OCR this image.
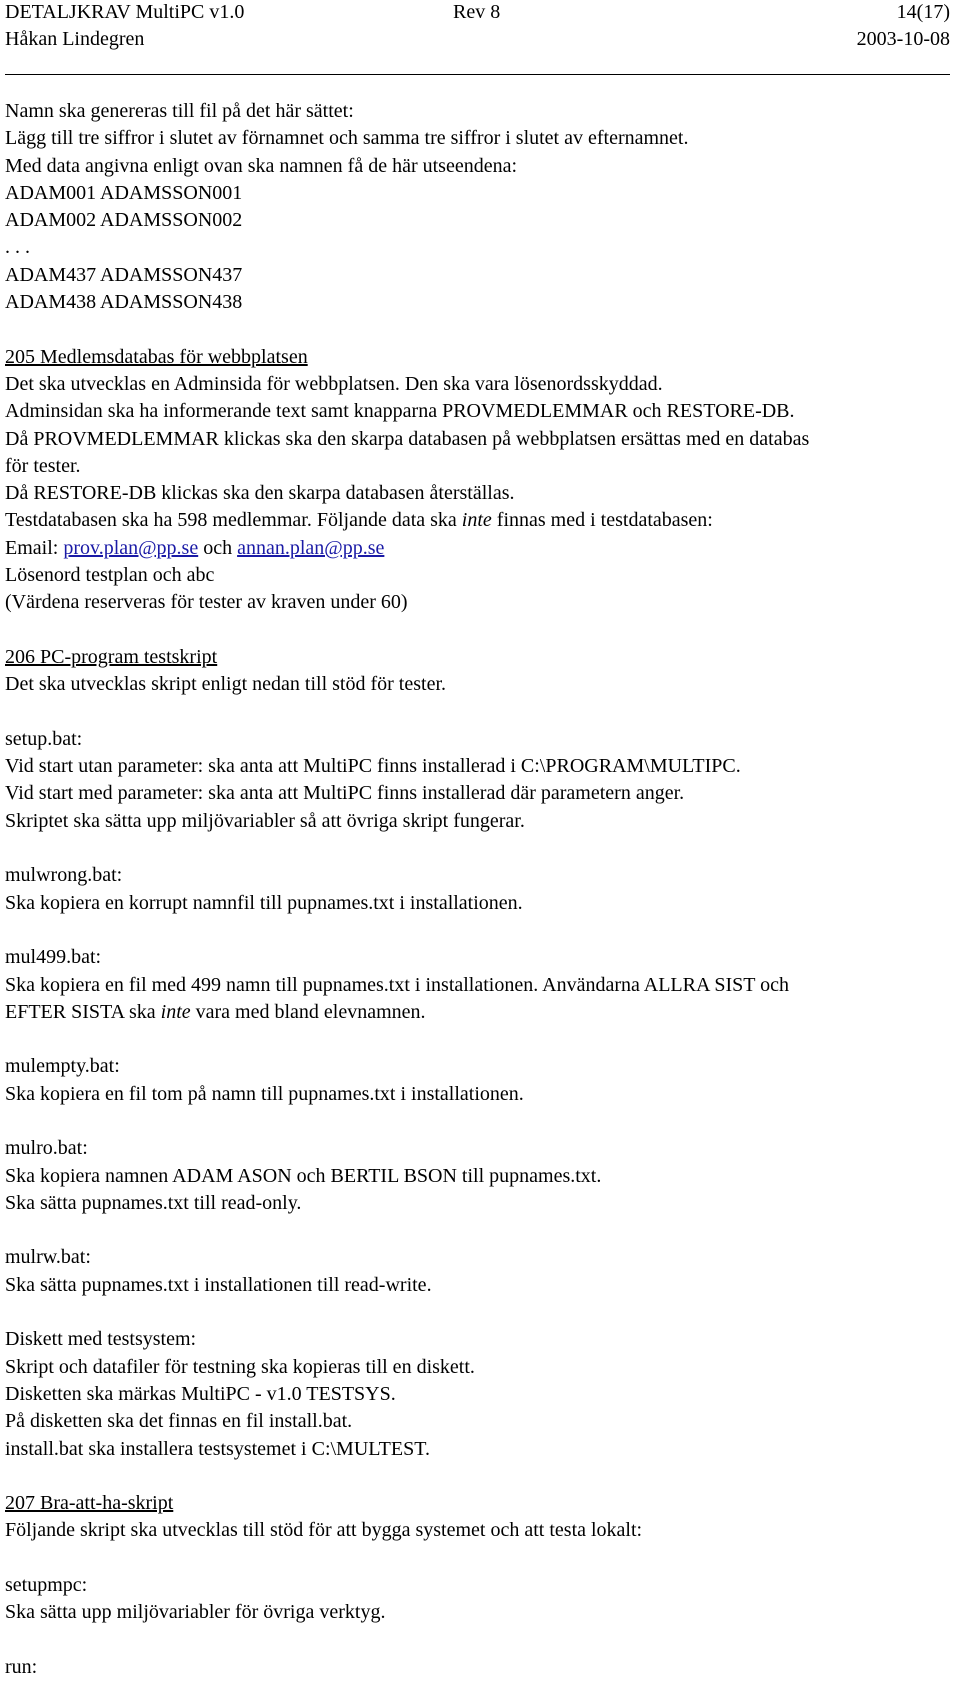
DETALJKRAV MultiPC v1.0	Rev 8	14(17)
Håkan Lindegren	2003-10-08
Namn ska genereras till fil på det här sättet:
Lägg till tre siffror i slutet av förnamnet och samma tre siffror i slutet av efternamnet.
Med data angivna enligt ovan ska namnen få de här utseendena:
ADAM001 ADAMSSON001
ADAM002 ADAMSSON002
. . .
ADAM437 ADAMSSON437
ADAM438 ADAMSSON438
205 Medlemsdatabas för webbplatsen
Det ska utvecklas en Adminsida för webbplatsen. Den ska vara lösenordsskyddad.
Adminsidan ska ha informerande text samt knapparna PROVMEDLEMMAR och RESTORE-DB.
Då PROVMEDLEMMAR klickas ska den skarpa databasen på webbplatsen ersättas med en databas
för tester.
Då RESTORE-DB klickas ska den skarpa databasen återställas.
Testdatabasen ska ha 598 medlemmar. Följande data ska inte finnas med i testdatabasen:
Email: prov.plan@pp.se och annan.plan@pp.se
Lösenord testplan och abc
(Värdena reserveras för tester av kraven under 60)
206 PC-program testskript
Det ska utvecklas skript enligt nedan till stöd för tester.
setup.bat:
Vid start utan parameter: ska anta att MultiPC finns installerad i C:\PROGRAM\MULTIPC.
Vid start med parameter: ska anta att MultiPC finns installerad där parametern anger.
Skriptet ska sätta upp miljövariabler så att övriga skript fungerar.
mulwrong.bat:
Ska kopiera en korrupt namnfil till pupnames.txt i installationen.
mul499.bat:
Ska kopiera en fil med 499 namn till pupnames.txt i installationen. Användarna ALLRA SIST och
EFTER SISTA ska inte vara med bland elevnamnen.
mulempty.bat:
Ska kopiera en fil tom på namn till pupnames.txt i installationen.
mulro.bat:
Ska kopiera namnen ADAM ASON och BERTIL BSON till pupnames.txt.
Ska sätta pupnames.txt till read-only.
mulrw.bat:
Ska sätta pupnames.txt i installationen till read-write.
Diskett med testsystem:
Skript och datafiler för testning ska kopieras till en diskett.
Disketten ska märkas MultiPC - v1.0 TESTSYS.
På disketten ska det finnas en fil install.bat.
install.bat ska installera testsystemet i C:\MULTEST.
207 Bra-att-ha-skript
Följande skript ska utvecklas till stöd för att bygga systemet och att testa lokalt:
setupmpc:
Ska sätta upp miljövariabler för övriga verktyg.
run:
